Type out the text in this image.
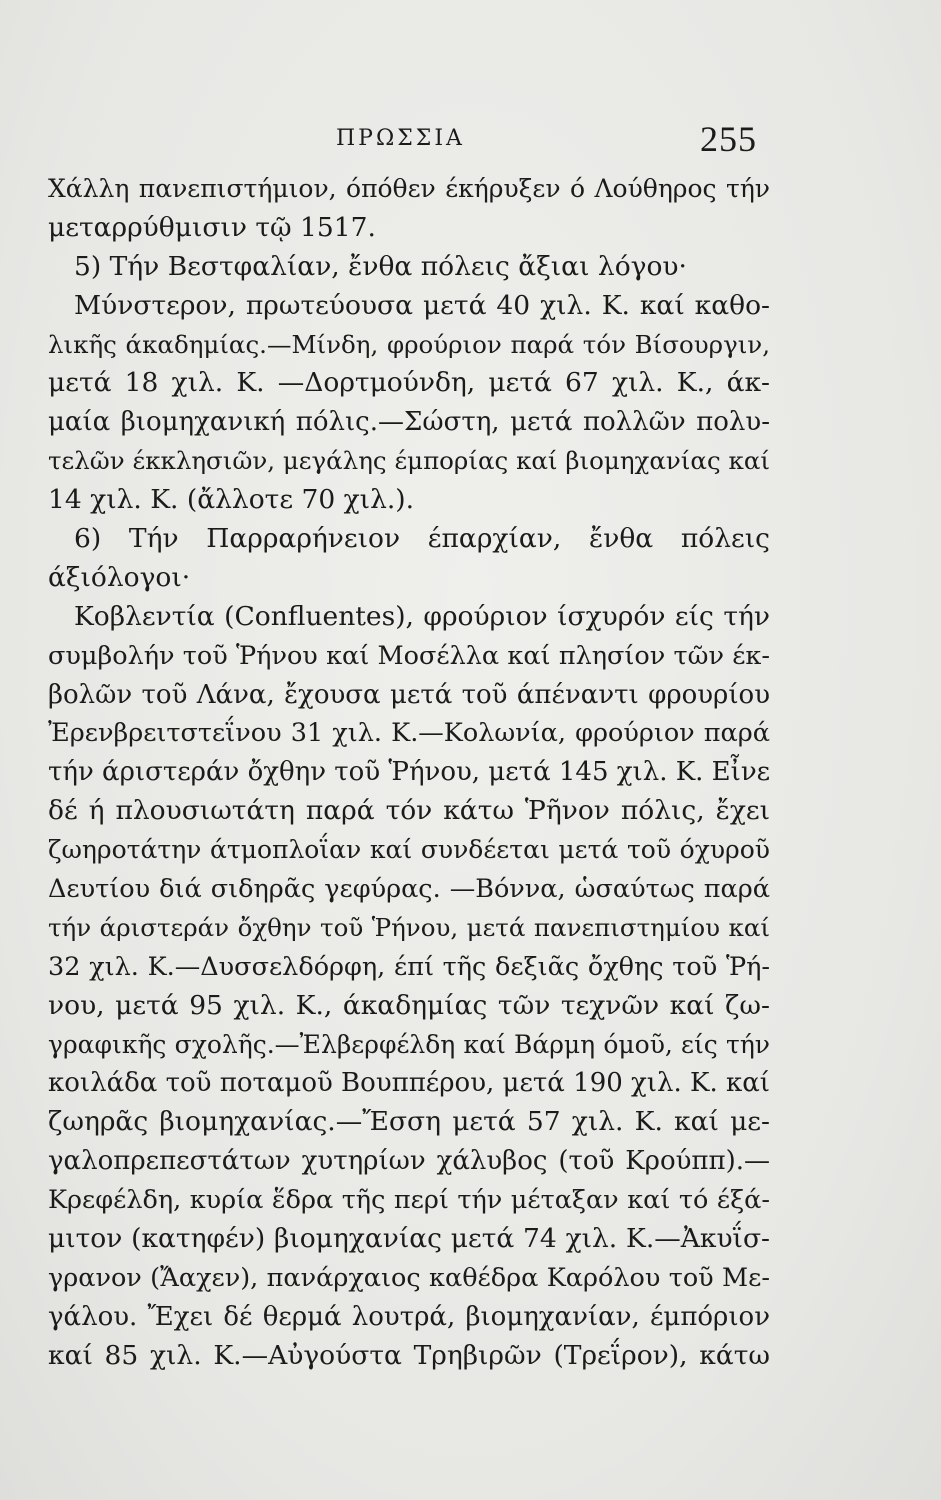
ΠΡΩΣΣΙΑ	255
Χάλλη πανεπιστήμιον, όπόθεν έκήρυξεν ό Λούθηρος τήν
μεταρρύθμισιν τῷ 1517.
5) Τήν Βεστφαλίαν, ἔνθα πόλεις ἄξιαι λόγου·
Μύνστερον, πρωτεύουσα μετά 40 χιλ. Κ. καί καθο-
λικῆς άκαδημίας.—Μίνδη, φρούριον παρά τόν Βίσουργιν,
μετά 18 χιλ. Κ. —Δορτμούνδη, μετά 67 χιλ. Κ., άκ-
μαία βιομηχανική πόλις.—Σώστη, μετά πολλῶν πολυ-
τελῶν έκκλησιῶν, μεγάλης έμπορίας καί βιομηχανίας καί
14 χιλ. Κ. (ἄλλοτε 70 χιλ.).
6) Τήν Παρραρήνειον έπαρχίαν, ἔνθα πόλεις
άξιόλογοι·
Κοβλεντία (Confluentes), φρούριον ίσχυρόν είς τήν
συμβολήν τοῦ Ῥήνου καί Μοσέλλα καί πλησίον τῶν έκ-
βολῶν τοῦ Λάνα, ἔχουσα μετά τοῦ άπέναντι φρουρίου
Ἐρενβρειτστεΐνου 31 χιλ. Κ.—Κολωνία, φρούριον παρά
τήν άριστεράν ὄχθην τοῦ Ῥήνου, μετά 145 χιλ. Κ. Εἶνε
δέ ή πλουσιωτάτη παρά τόν κάτω Ῥῆνον πόλις, ἔχει
ζωηροτάτην άτμοπλοΐαν καί συνδέεται μετά τοῦ όχυροῦ
Δευτίου διά σιδηρᾶς γεφύρας. —Βόννα, ὡσαύτως παρά
τήν άριστεράν ὄχθην τοῦ Ῥήνου, μετά πανεπιστημίου καί
32 χιλ. Κ.—Δυσσελδόρφη, έπί τῆς δεξιᾶς ὄχθης τοῦ Ῥή-
νου, μετά 95 χιλ. Κ., άκαδημίας τῶν τεχνῶν καί ζω-
γραφικῆς σχολῆς.—Ἐλβερφέλδη καί Βάρμη όμοῦ, είς τήν
κοιλάδα τοῦ ποταμοῦ Βουππέρου, μετά 190 χιλ. Κ. καί
ζωηρᾶς βιομηχανίας.—Ἔσση μετά 57 χιλ. Κ. καί με-
γαλοπρεπεστάτων χυτηρίων χάλυβος (τοῦ Κρούππ).—
Κρεφέλδη, κυρία ἕδρα τῆς περί τήν μέταξαν καί τό έξά-
μιτον (κατηφέν) βιομηχανίας μετά 74 χιλ. Κ.—Ἀκυΐσ-
γρανον (Ἄαχεν), πανάρχαιος καθέδρα Καρόλου τοῦ Με-
γάλου. Ἔχει δέ θερμά λουτρά, βιομηχανίαν, έμπόριον
καί 85 χιλ. Κ.—Αὐγούστα Τρηβιρῶν (Τρεΐρον), κάτω
